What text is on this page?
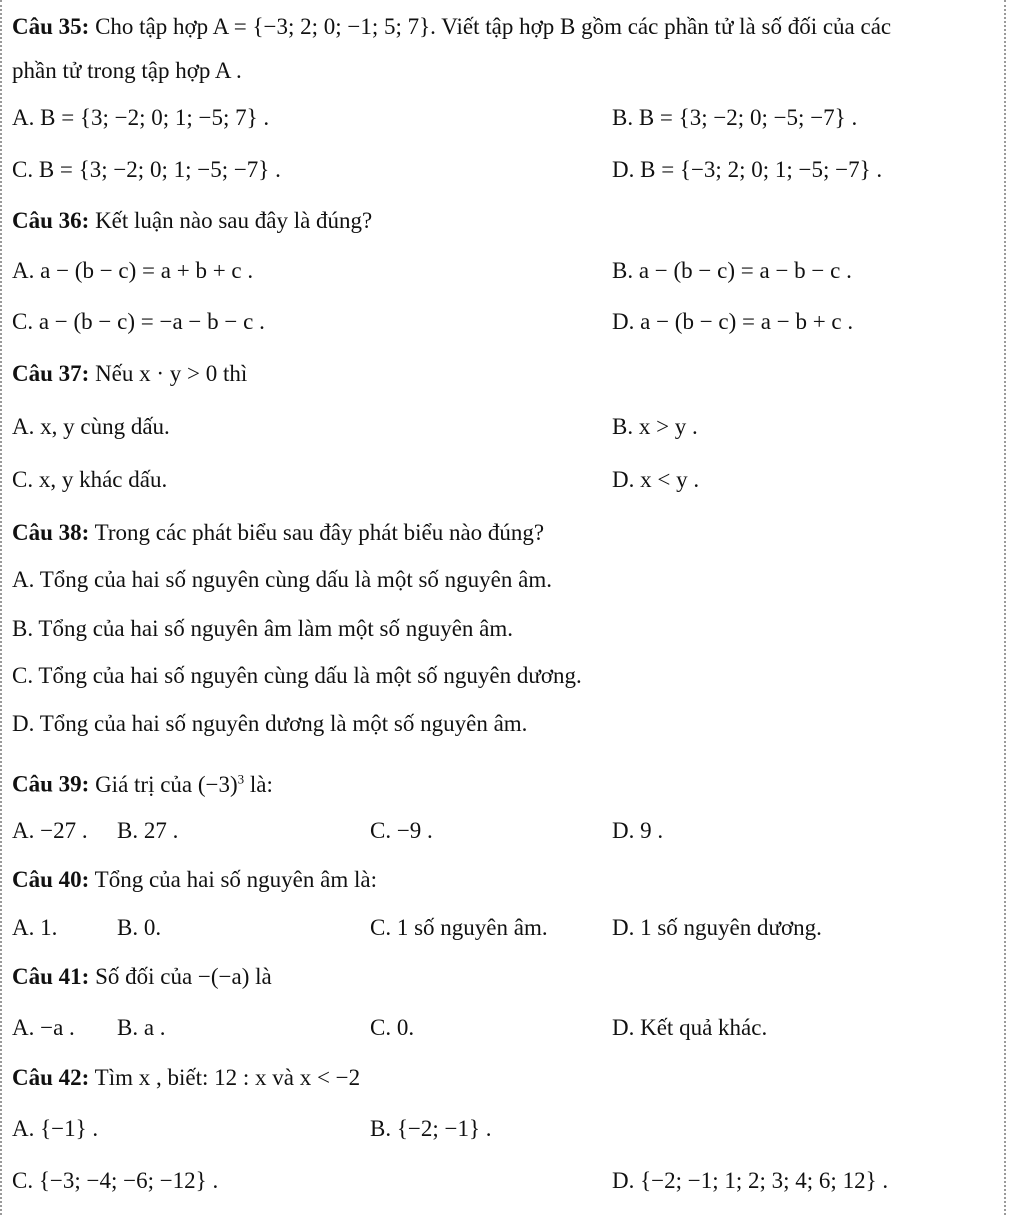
Câu 35: Cho tập hợp A = {−3; 2; 0; −1; 5; 7}. Viết tập hợp B gồm các phần tử là số đối của các
phần tử trong tập hợp A .
A. B = {3; −2; 0; 1; −5; 7} .	B. B = {3; −2; 0; −5; −7} .
C. B = {3; −2; 0; 1; −5; −7} .	D. B = {−3; 2; 0; 1; −5; −7} .
Câu 36: Kết luận nào sau đây là đúng?
A. a − (b − c) = a + b + c .	B. a − (b − c) = a − b − c .
C. a − (b − c) = −a − b − c .	D. a − (b − c) = a − b + c .
Câu 37: Nếu x · y > 0 thì
A. x, y cùng dấu.	B. x > y .
C. x, y khác dấu.	D. x < y .
Câu 38: Trong các phát biểu sau đây phát biểu nào đúng?
A. Tổng của hai số nguyên cùng dấu là một số nguyên âm.
B. Tổng của hai số nguyên âm làm một số nguyên âm.
C. Tổng của hai số nguyên cùng dấu là một số nguyên dương.
D. Tổng của hai số nguyên dương là một số nguyên âm.
Câu 39: Giá trị của $(-3)^3$ là:
A. −27 . B. 27 .	C. −9 .	D. 9 .
Câu 40: Tổng của hai số nguyên âm là:
A. 1.	B. 0.	C. 1 số nguyên âm.	D. 1 số nguyên dương.
Câu 41: Số đối của −(−a) là
A. −a . B. a .	C. 0.	D. Kết quả khác.
Câu 42: Tìm x , biết: 12 : x và x < −2
A. {−1} .	B. {−2; −1} .
C. {−3; −4; −6; −12} .	D. {−2; −1; 1; 2; 3; 4; 6; 12} .
